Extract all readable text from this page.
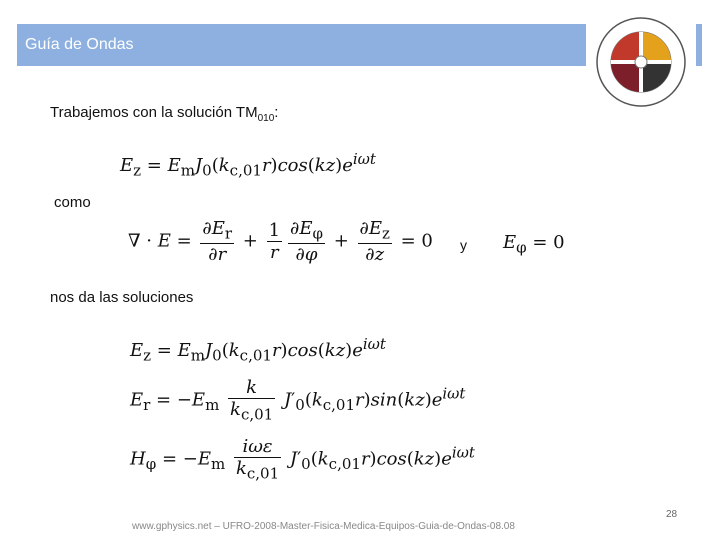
Guía de Ondas
Trabajemos con la solución $TM_{010}$:
$E_z = E_mJ_0(k_{c,01}r)\cos(kz)e^{i\omega t}$
como
∇ · $E = \frac{\partial E_r}{\partial r} + \frac{1}{r} \frac{\partial E_\varphi}{\partial\varphi} + \frac{\partial E_z}{\partial z} = 0$ y $E_\varphi = 0$
nos da las soluciones
$E_z = E_mJ_0(k_{c,01}r)\cos(kz)e^{i\omega t}$
$E_r = -E_m \frac{k}{k_{c,01}} J'_0(k_{c,01}r)\sin(kz)e^{i\omega t}$
$H_\varphi = -E_m \frac{\text{iωε}}{k_{c,01}} J'_0(k_{c,01}r)\cos(kz)e^{i\omega t}$
28
www.gphysics.net – UFRO-2008-Master-Fisica-Medica-Equipos-Guia-de-Ondas-08.08
